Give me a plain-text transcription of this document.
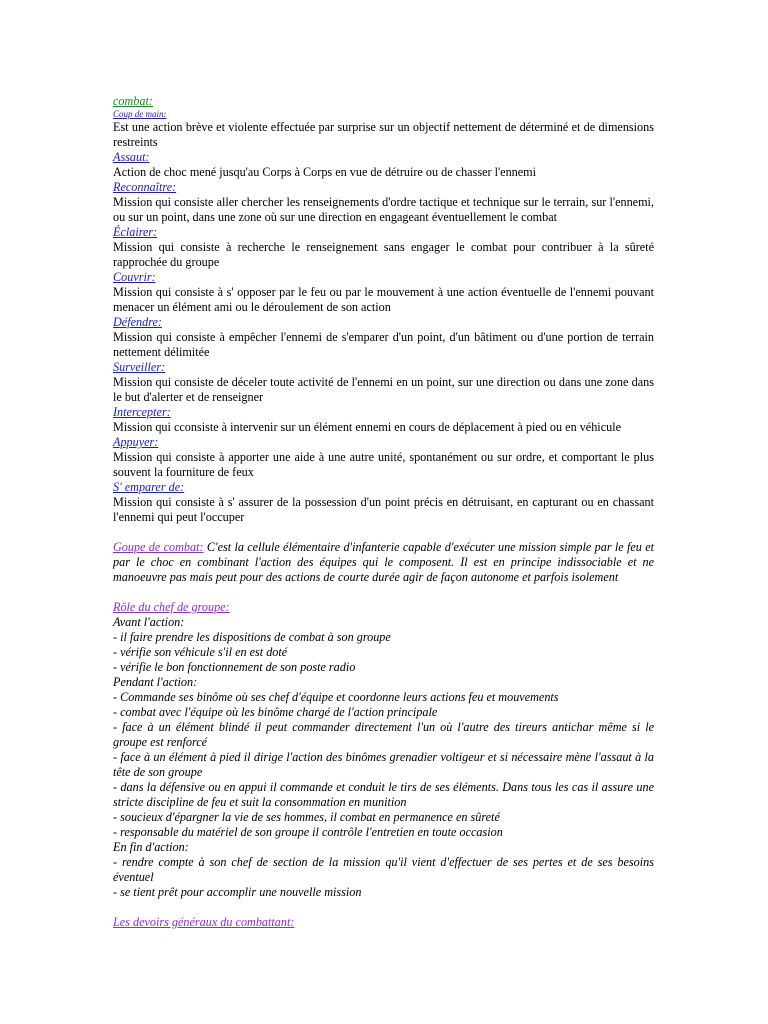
combat:
Coup de main:

Est une action brève et violente effectuée par surprise sur un objectif nettement de déterminé et de dimensions restreints

Assaut:

Action de choc mené jusqu'au Corps à Corps en vue de détruire ou de chasser l'ennemi

Reconnaître:

Mission qui consiste aller chercher les renseignements d'ordre tactique et technique sur le terrain, sur l'ennemi, ou sur un point, dans une zone où sur une direction en engageant éventuellement le combat

Éclairer:

Mission qui consiste à recherche le renseignement sans engager le combat pour contribuer à la sûreté rapprochée du groupe

Couvrir:

Mission qui consiste à s' opposer par le feu ou par le mouvement à une action éventuelle de l'ennemi pouvant menacer un élément ami ou le déroulement de son action

Défendre:

Mission qui consiste à empêcher l'ennemi de s'emparer d'un point, d'un bâtiment ou d'une portion de terrain nettement délimitée

Surveiller:

Mission qui consiste de déceler toute activité de l'ennemi en un point, sur une direction ou dans une zone dans le but d'alerter et de renseigner

Intercepter:

Mission qui cconsiste à intervenir sur un élément ennemi en cours de déplacement à pied ou en véhicule

Appuyer:

Mission qui consiste à apporter une aide à une autre unité, spontanément ou sur ordre, et comportant le plus souvent la fourniture de feux

S' emparer de:

Mission qui consiste à s' assurer de la possession d'un point précis en détruisant, en capturant ou en chassant l'ennemi qui peut l'occuper

Goupe de combat: C'est la cellule élémentaire d'infanterie capable d'exécuter une mission simple par le feu et par le choc en combinant l'action des équipes qui le composent. Il est en principe indissociable et ne manoeuvre pas mais peut pour des actions de courte durée agir de façon autonome et parfois isolement

Rôle du chef de groupe:

Avant l'action:

- il faire prendre les dispositions de combat à son groupe

- vérifie son véhicule s'il en est doté

- vérifie le bon fonctionnement de son poste radio

Pendant l'action:

- Commande ses binôme où ses chef d'équipe et coordonne leurs actions feu et mouvements

- combat avec l'équipe où les binôme chargé de l'action principale

- face à un élément blindé il peut commander directement l'un où l'autre des tireurs antichar même si le groupe est renforcé

- face à un élément à pied il dirige l'action des binômes grenadier voltigeur et si nécessaire mène l'assaut à la tête de son groupe

- dans la défensive ou en appui il commande et conduit le tirs de ses éléments. Dans tous les cas il assure une stricte discipline de feu et suit la consommation en munition

- soucieux d'épargner la vie de ses hommes, il combat en permanence en sûreté

- responsable du matériel de son groupe il contrôle l'entretien en toute occasion

En fin d'action:

- rendre compte à son chef de section de la mission qu'il vient d'effectuer de ses pertes et de ses besoins éventuel

- se tient prêt pour accomplir une nouvelle mission

Les devoirs généraux du combattant:
